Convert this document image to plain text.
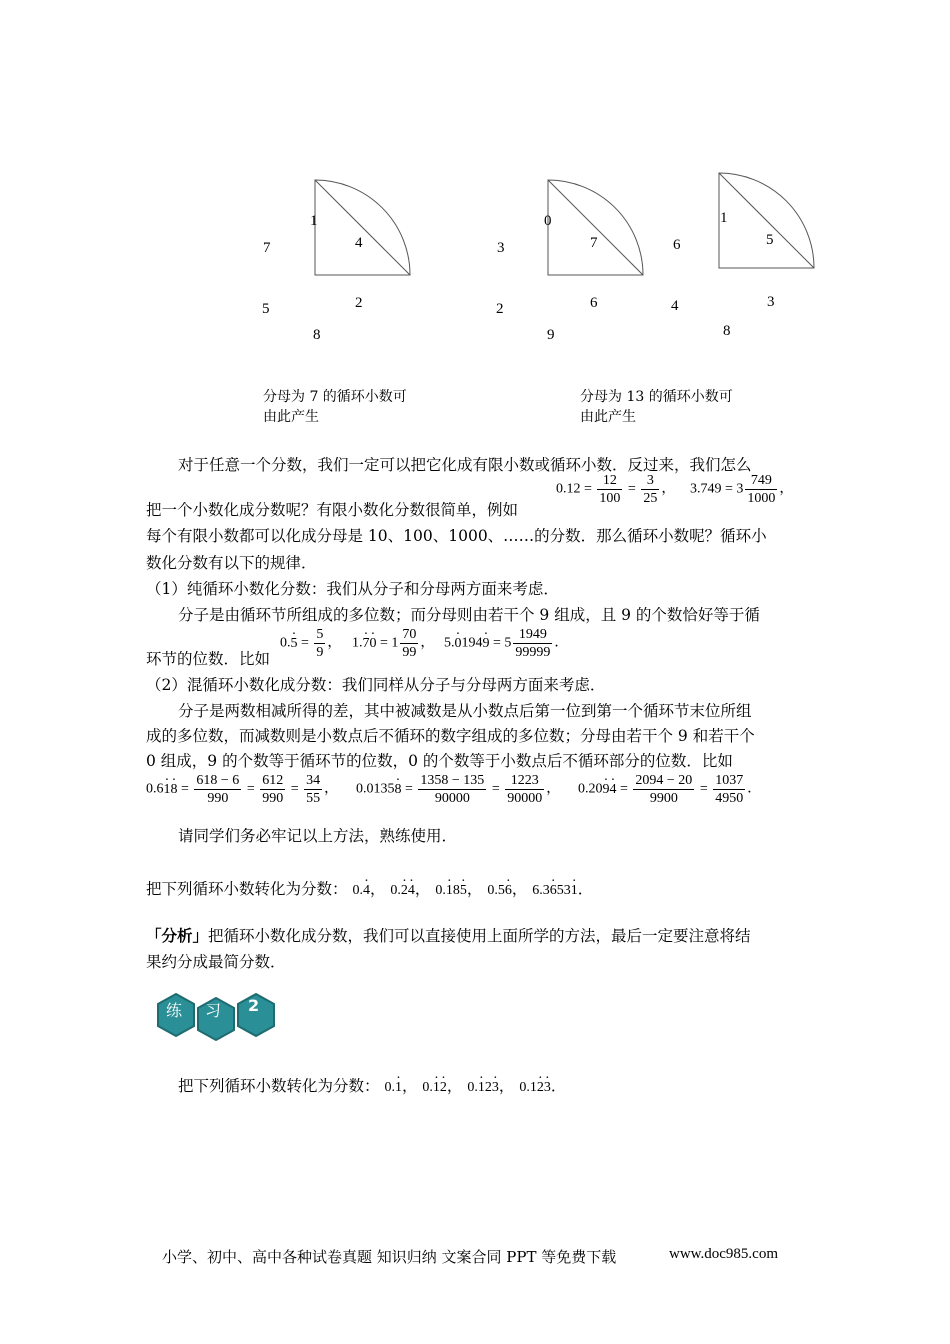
1
4
7
5	2
8
0
7
3
2	6
9
6
1
5
4	3
8
分母为 7 的循环小数可
由此产生
分母为 13 的循环小数可
由此产生
对于任意一个分数，我们一定可以把它化成有限小数或循环小数．反过来，我们怎么
把一个小数化成分数呢？有限小数化分数很简单，例如
$0.12 = \frac{12}{100} = \frac{3}{25}$ ， $3.749 = 3 \frac{749}{1000}$ ，
每个有限小数都可以化成分母是 10、100、1000、……的分数．那么循环小数呢？循环小
数化分数有以下的规律．
（1）纯循环小数化分数：我们从分子和分母两方面来考虑．
分子是由循环节所组成的多位数；而分母则由若干个 9 组成，且 9 的个数恰好等于循
环节的位数．比如
0.5 · = $\frac{5}{9}$ ， 1.7 ·0 · = $1 \frac{70}{99}$ ， 5.0 ·1949 · = $5 \frac{1949}{99999}$ ．
（2）混循环小数化成分数：我们同样从分子与分母两方面来考虑．
分子是两数相减所得的差，其中被减数是从小数点后第一位到第一个循环节末位所组
成的多位数，而减数则是小数点后不循环的数字组成的多位数；分母由若干个 9 和若干个
0 组成，9 的个数等于循环节的位数，0 的个数等于小数点后不循环部分的位数．比如
0.61 ·8 · = $\frac{618 - 6}{990} = \frac{612}{990} = \frac{34}{55}$ ， 0.01358 · = $\frac{1358 - 135}{90000} = \frac{1223}{90000}$ ， 0.209 ·4 · = $\frac{2094 - 20}{9900} = \frac{1037}{4950}$ ．
请同学们务必牢记以上方法，熟练使用．
把下列循环小数转化为分数： 0.4 ·， 0.2 ·4 ·， 0.1 ·85 ·， 0.56 ·， 6.36 ·531 ·．
「分析」把循环小数化成分数，我们可以直接使用上面所学的方法，最后一定要注意将结
果约分成最简分数．
练 习 2
把下列循环小数转化为分数： 0.1 ·， 0.1 ·2 ·， 0.1 ·23 ·， 0.12 ·3 ·．
小学、初中、高中各种试卷真题 知识归纳 文案合同 PPT 等免费下载	www.doc985.com
